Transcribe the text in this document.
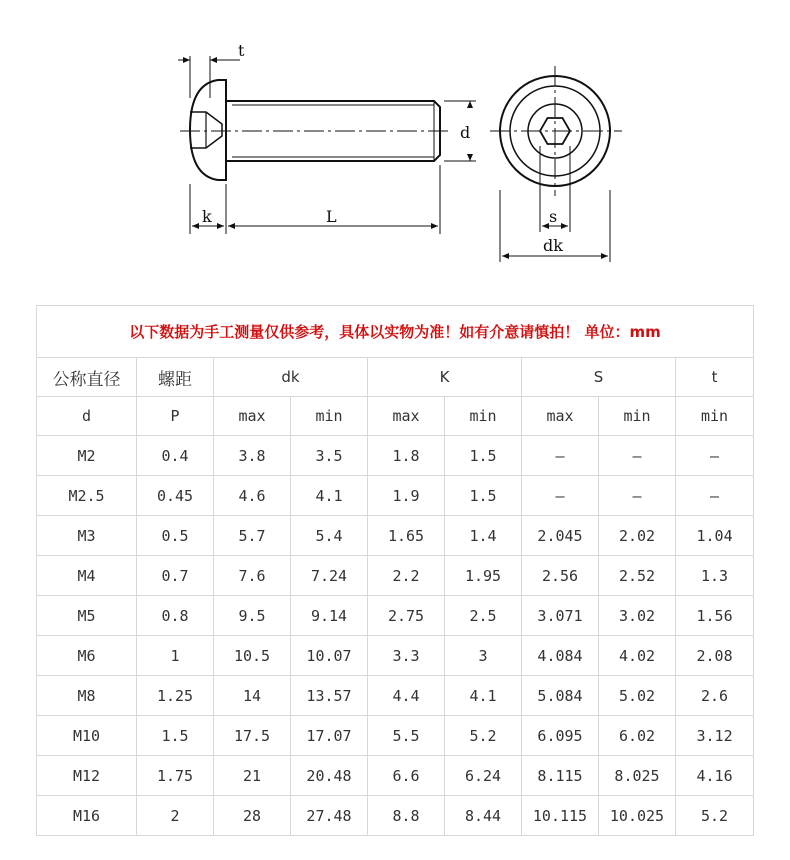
t
d
k	L	s
dk
以下数据为手工测量仅供参考，具体以实物为准！如有介意请慎拍！ 单位：mm								
公称直径	螺距	dk		K		S		t
d	P	max	min	max	min	max	min	min
M2	0.4	3.8	3.5	1.8	1.5	–	–	–
M2.5	0.45	4.6	4.1	1.9	1.5	–	–	–
M3	0.5	5.7	5.4	1.65	1.4	2.045	2.02	1.04
M4	0.7	7.6	7.24	2.2	1.95	2.56	2.52	1.3
M5	0.8	9.5	9.14	2.75	2.5	3.071	3.02	1.56
M6	1	10.5	10.07	3.3	3	4.084	4.02	2.08
M8	1.25	14	13.57	4.4	4.1	5.084	5.02	2.6
M10	1.5	17.5	17.07	5.5	5.2	6.095	6.02	3.12
M12	1.75	21	20.48	6.6	6.24	8.115	8.025	4.16
M16	2	28	27.48	8.8	8.44	10.115	10.025	5.2
